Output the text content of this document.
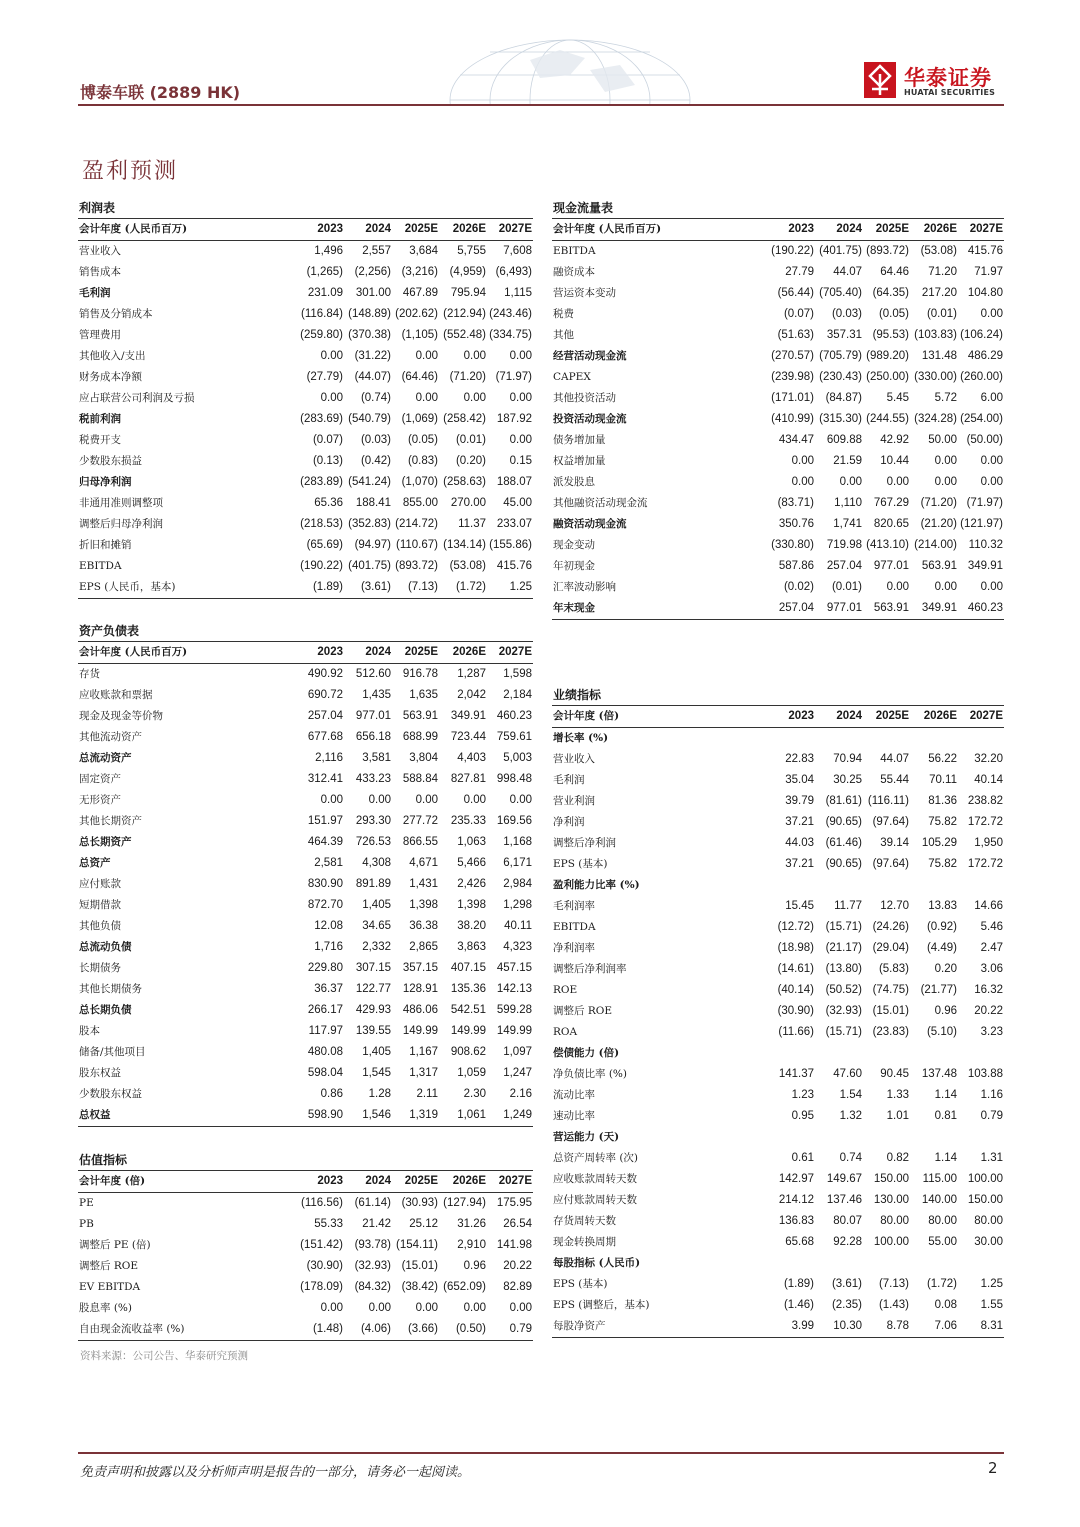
博泰车联 (2889 HK)
华泰证券
HUATAI SECURITIES
盈利预测
利润表
会计年度 (人民币百万)	2023	2024	2025E	2026E	2027E
营业收入	1,496	2,557	3,684	5,755	7,608
销售成本	(1,265)	(2,256)	(3,216)	(4,959)	(6,493)
毛利润	231.09	301.00	467.89	795.94	1,115
销售及分销成本	(116.84)	(148.89)	(202.62)	(212.94)	(243.46)
管理费用	(259.80)	(370.38)	(1,105)	(552.48)	(334.75)
其他收入/支出	0.00	(31.22)	0.00	0.00	0.00
财务成本净额	(27.79)	(44.07)	(64.46)	(71.20)	(71.97)
应占联营公司利润及亏损	0.00	(0.74)	0.00	0.00	0.00
税前利润	(283.69)	(540.79)	(1,069)	(258.42)	187.92
税费开支	(0.07)	(0.03)	(0.05)	(0.01)	0.00
少数股东损益	(0.13)	(0.42)	(0.83)	(0.20)	0.15
归母净利润	(283.89)	(541.24)	(1,070)	(258.63)	188.07
非通用准则调整项	65.36	188.41	855.00	270.00	45.00
调整后归母净利润	(218.53)	(352.83)	(214.72)	11.37	233.07
折旧和摊销	(65.69)	(94.97)	(110.67)	(134.14)	(155.86)
EBITDA	(190.22)	(401.75)	(893.72)	(53.08)	415.76
EPS (人民币，基本)	(1.89)	(3.61)	(7.13)	(1.72)	1.25
资产负债表
会计年度 (人民币百万)	2023	2024	2025E	2026E	2027E
存货	490.92	512.60	916.78	1,287	1,598
应收账款和票据	690.72	1,435	1,635	2,042	2,184
现金及现金等价物	257.04	977.01	563.91	349.91	460.23
其他流动资产	677.68	656.18	688.99	723.44	759.61
总流动资产	2,116	3,581	3,804	4,403	5,003
固定资产	312.41	433.23	588.84	827.81	998.48
无形资产	0.00	0.00	0.00	0.00	0.00
其他长期资产	151.97	293.30	277.72	235.33	169.56
总长期资产	464.39	726.53	866.55	1,063	1,168
总资产	2,581	4,308	4,671	5,466	6,171
应付账款	830.90	891.89	1,431	2,426	2,984
短期借款	872.70	1,405	1,398	1,398	1,298
其他负债	12.08	34.65	36.38	38.20	40.11
总流动负债	1,716	2,332	2,865	3,863	4,323
长期债务	229.80	307.15	357.15	407.15	457.15
其他长期债务	36.37	122.77	128.91	135.36	142.13
总长期负债	266.17	429.93	486.06	542.51	599.28
股本	117.97	139.55	149.99	149.99	149.99
储备/其他项目	480.08	1,405	1,167	908.62	1,097
股东权益	598.04	1,545	1,317	1,059	1,247
少数股东权益	0.86	1.28	2.11	2.30	2.16
总权益	598.90	1,546	1,319	1,061	1,249
估值指标
会计年度 (倍)	2023	2024	2025E	2026E	2027E
PE	(116.56)	(61.14)	(30.93)	(127.94)	175.95
PB	55.33	21.42	25.12	31.26	26.54
调整后 PE (倍)	(151.42)	(93.78)	(154.11)	2,910	141.98
调整后 ROE	(30.90)	(32.93)	(15.01)	0.96	20.22
EV EBITDA	(178.09)	(84.32)	(38.42)	(652.09)	82.89
股息率 (%)	0.00	0.00	0.00	0.00	0.00
自由现金流收益率 (%)	(1.48)	(4.06)	(3.66)	(0.50)	0.79
现金流量表
会计年度 (人民币百万)	2023	2024	2025E	2026E	2027E
EBITDA	(190.22)	(401.75)	(893.72)	(53.08)	415.76
融资成本	27.79	44.07	64.46	71.20	71.97
营运资本变动	(56.44)	(705.40)	(64.35)	217.20	104.80
税费	(0.07)	(0.03)	(0.05)	(0.01)	0.00
其他	(51.63)	357.31	(95.53)	(103.83)	(106.24)
经营活动现金流	(270.57)	(705.79)	(989.20)	131.48	486.29
CAPEX	(239.98)	(230.43)	(250.00)	(330.00)	(260.00)
其他投资活动	(171.01)	(84.87)	5.45	5.72	6.00
投资活动现金流	(410.99)	(315.30)	(244.55)	(324.28)	(254.00)
债务增加量	434.47	609.88	42.92	50.00	(50.00)
权益增加量	0.00	21.59	10.44	0.00	0.00
派发股息	0.00	0.00	0.00	0.00	0.00
其他融资活动现金流	(83.71)	1,110	767.29	(71.20)	(71.97)
融资活动现金流	350.76	1,741	820.65	(21.20)	(121.97)
现金变动	(330.80)	719.98	(413.10)	(214.00)	110.32
年初现金	587.86	257.04	977.01	563.91	349.91
汇率波动影响	(0.02)	(0.01)	0.00	0.00	0.00
年末现金	257.04	977.01	563.91	349.91	460.23
业绩指标
会计年度 (倍)	2023	2024	2025E	2026E	2027E
增长率 (%)					
营业收入	22.83	70.94	44.07	56.22	32.20
毛利润	35.04	30.25	55.44	70.11	40.14
营业利润	39.79	(81.61)	(116.11)	81.36	238.82
净利润	37.21	(90.65)	(97.64)	75.82	172.72
调整后净利润	44.03	(61.46)	39.14	105.29	1,950
EPS (基本)	37.21	(90.65)	(97.64)	75.82	172.72
盈利能力比率 (%)					
毛利润率	15.45	11.77	12.70	13.83	14.66
EBITDA	(12.72)	(15.71)	(24.26)	(0.92)	5.46
净利润率	(18.98)	(21.17)	(29.04)	(4.49)	2.47
调整后净利润率	(14.61)	(13.80)	(5.83)	0.20	3.06
ROE	(40.14)	(50.52)	(74.75)	(21.77)	16.32
调整后 ROE	(30.90)	(32.93)	(15.01)	0.96	20.22
ROA	(11.66)	(15.71)	(23.83)	(5.10)	3.23
偿债能力 (倍)					
净负债比率 (%)	141.37	47.60	90.45	137.48	103.88
流动比率	1.23	1.54	1.33	1.14	1.16
速动比率	0.95	1.32	1.01	0.81	0.79
营运能力 (天)					
总资产周转率 (次)	0.61	0.74	0.82	1.14	1.31
应收账款周转天数	142.97	149.67	150.00	115.00	100.00
应付账款周转天数	214.12	137.46	130.00	140.00	150.00
存货周转天数	136.83	80.07	80.00	80.00	80.00
现金转换周期	65.68	92.28	100.00	55.00	30.00
每股指标 (人民币)					
EPS (基本)	(1.89)	(3.61)	(7.13)	(1.72)	1.25
EPS (调整后，基本)	(1.46)	(2.35)	(1.43)	0.08	1.55
每股净资产	3.99	10.30	8.78	7.06	8.31
资料来源：公司公告、华泰研究预测
免责声明和披露以及分析师声明是报告的一部分，请务必一起阅读。	2
